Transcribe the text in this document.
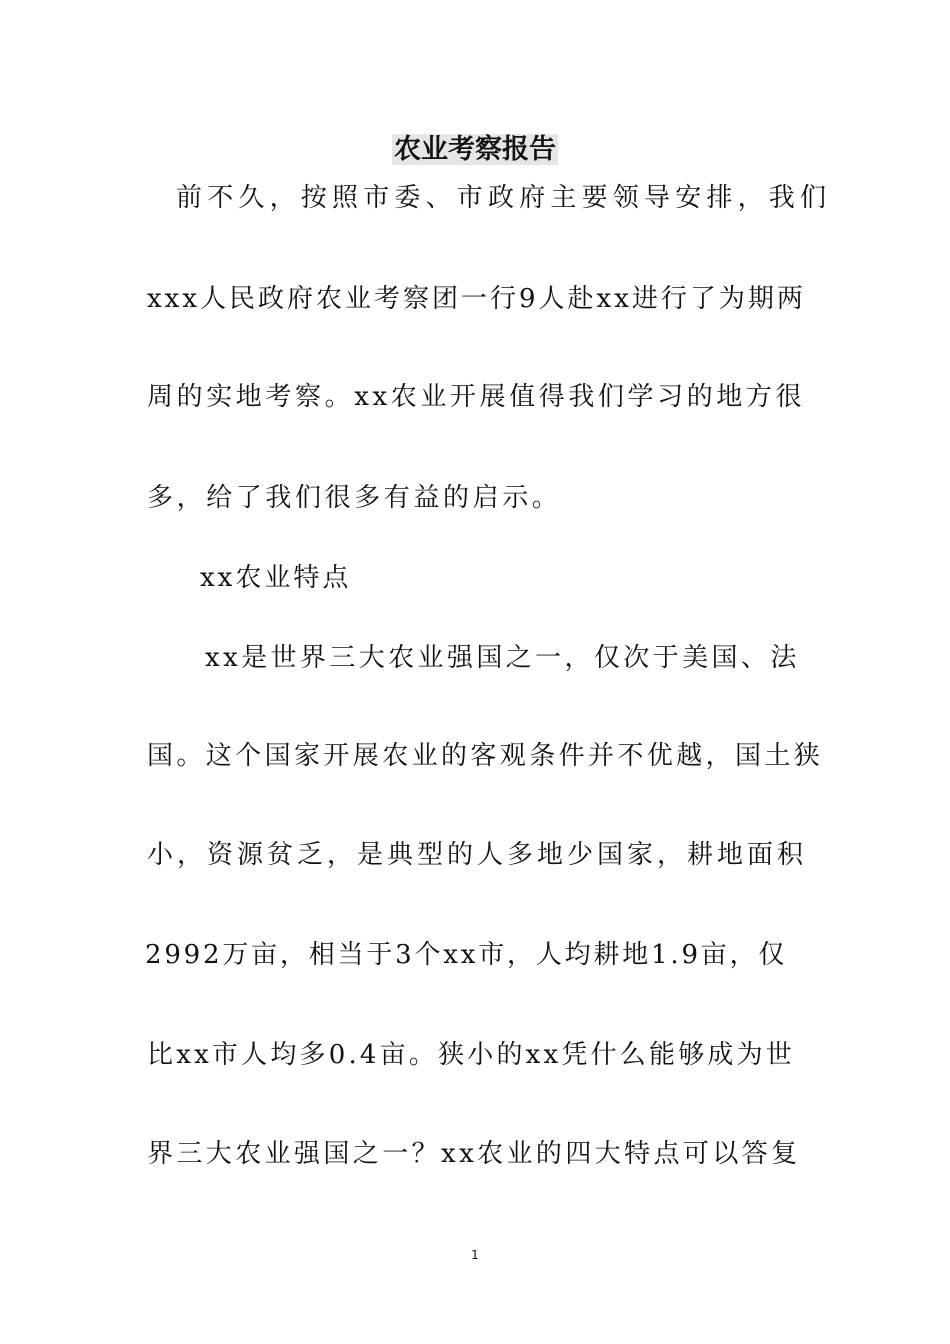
农业考察报告
前不久，按照市委、市政府主要领导安排，我们
xxx人民政府农业考察团一行9人赴xx进行了为期两
周的实地考察。xx农业开展值得我们学习的地方很
多，给了我们很多有益的启示。
xx农业特点
xx是世界三大农业强国之一，仅次于美国、法
国。这个国家开展农业的客观条件并不优越，国土狭
小，资源贫乏，是典型的人多地少国家，耕地面积
2992万亩，相当于3个xx市，人均耕地1.9亩，仅
比xx市人均多0.4亩。狭小的xx凭什么能够成为世
界三大农业强国之一？xx农业的四大特点可以答复
1
